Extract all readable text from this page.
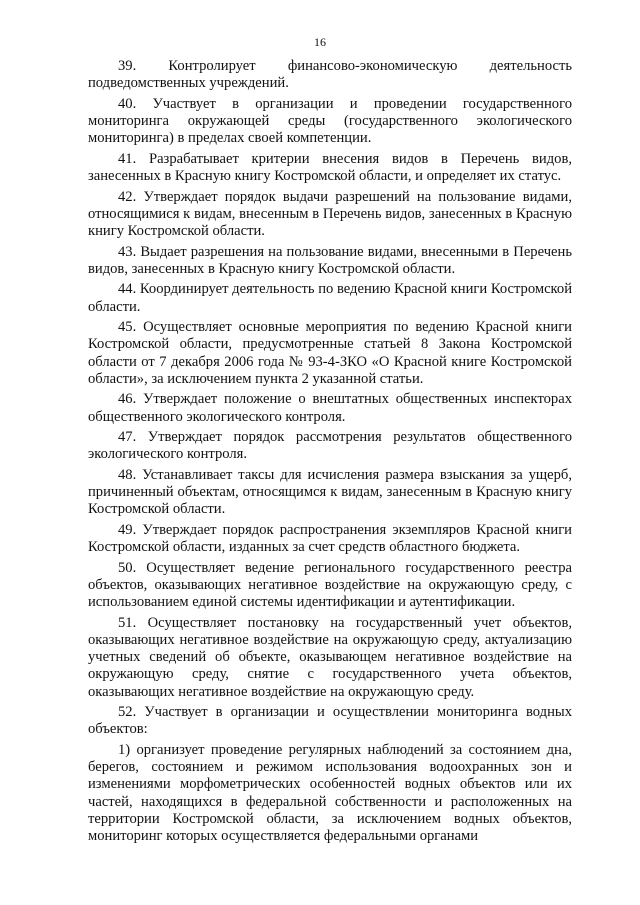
16

39. Контролирует финансово-экономическую деятельность подведомственных учреждений.

40. Участвует в организации и проведении государственного мониторинга окружающей среды (государственного экологического мониторинга) в пределах своей компетенции.

41. Разрабатывает критерии внесения видов в Перечень видов, занесенных в Красную книгу Костромской области, и определяет их статус.

42. Утверждает порядок выдачи разрешений на пользование видами, относящимися к видам, внесенным в Перечень видов, занесенных в Красную книгу Костромской области.

43. Выдает разрешения на пользование видами, внесенными в Перечень видов, занесенных в Красную книгу Костромской области.

44. Координирует деятельность по ведению Красной книги Костромской области.

45. Осуществляет основные мероприятия по ведению Красной книги Костромской области, предусмотренные статьей 8 Закона Костромской области от 7 декабря 2006 года № 93-4-ЗКО «О Красной книге Костромской области», за исключением пункта 2 указанной статьи.

46. Утверждает положение о внештатных общественных инспекторах общественного экологического контроля.

47. Утверждает порядок рассмотрения результатов общественного экологического контроля.

48. Устанавливает таксы для исчисления размера взыскания за ущерб, причиненный объектам, относящимся к видам, занесенным в Красную книгу Костромской области.

49. Утверждает порядок распространения экземпляров Красной книги Костромской области, изданных за счет средств областного бюджета.

50. Осуществляет ведение регионального государственного реестра объектов, оказывающих негативное воздействие на окружающую среду, с использованием единой системы идентификации и аутентификации.

51. Осуществляет постановку на государственный учет объектов, оказывающих негативное воздействие на окружающую среду, актуализацию учетных сведений об объекте, оказывающем негативное воздействие на окружающую среду, снятие с государственного учета объектов, оказывающих негативное воздействие на окружающую среду.

52. Участвует в организации и осуществлении мониторинга водных объектов:

1) организует проведение регулярных наблюдений за состоянием дна, берегов, состоянием и режимом использования водоохранных зон и изменениями морфометрических особенностей водных объектов или их частей, находящихся в федеральной собственности и расположенных на территории Костромской области, за исключением водных объектов, мониторинг которых осуществляется федеральными органами
